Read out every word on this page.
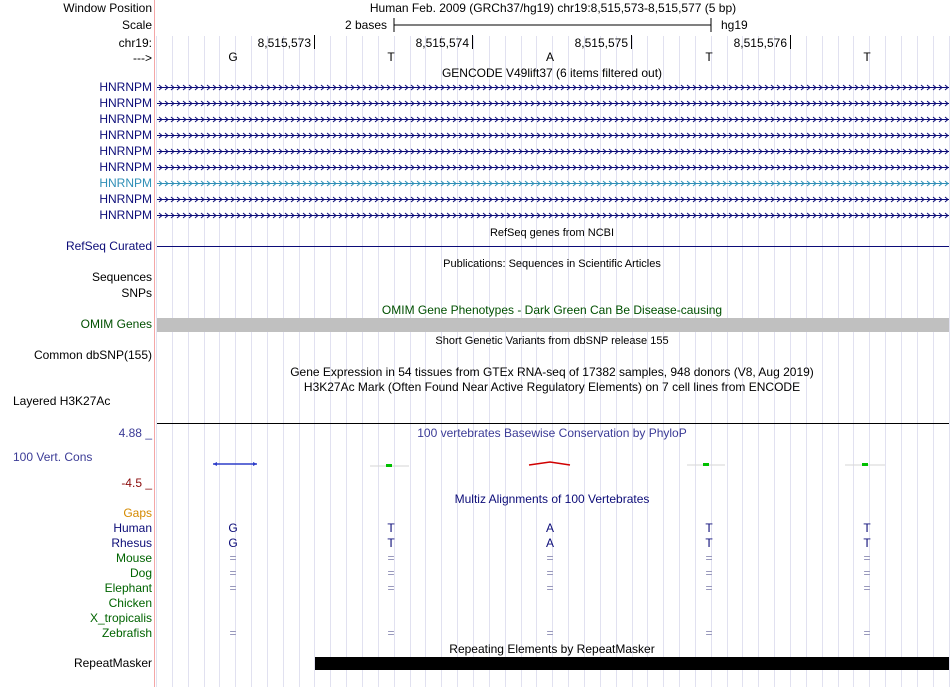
Window Position	Human Feb. 2009 (GRCh37/hg19) chr19:8,515,573-8,515,577 (5 bp)
Scale	2 bases	hg19
chr19:	8,515,573	8,515,574	8,515,575	8,515,576
--->	G	T	A	T	T
GENCODE V49lift37 (6 items filtered out)
HNRNPM
HNRNPM
HNRNPM
HNRNPM
HNRNPM
HNRNPM
HNRNPM
HNRNPM
HNRNPM
RefSeq genes from NCBI
RefSeq Curated
Publications: Sequences in Scientific Articles
Sequences
SNPs
OMIM Gene Phenotypes - Dark Green Can Be Disease-causing
OMIM Genes
Short Genetic Variants from dbSNP release 155
Common dbSNP(155)
Gene Expression in 54 tissues from GTEx RNA-seq of 17382 samples, 948 donors (V8, Aug 2019)
H3K27Ac Mark (Often Found Near Active Regulatory Elements) on 7 cell lines from ENCODE
Layered H3K27Ac
4.88 _	100 vertebrates Basewise Conservation by PhyloP
100 Vert. Cons
-4.5 _
Multiz Alignments of 100 Vertebrates
Gaps
Human	G	T	A	T	T
Rhesus	G	T	A	T	T
Mouse	=	=	=	=	=
Dog	=	=	=	=	=
Elephant	=	=	=	=	=
Chicken
X_tropicalis
Zebrafish	=	=	=	=	=
Repeating Elements by RepeatMasker
RepeatMasker
